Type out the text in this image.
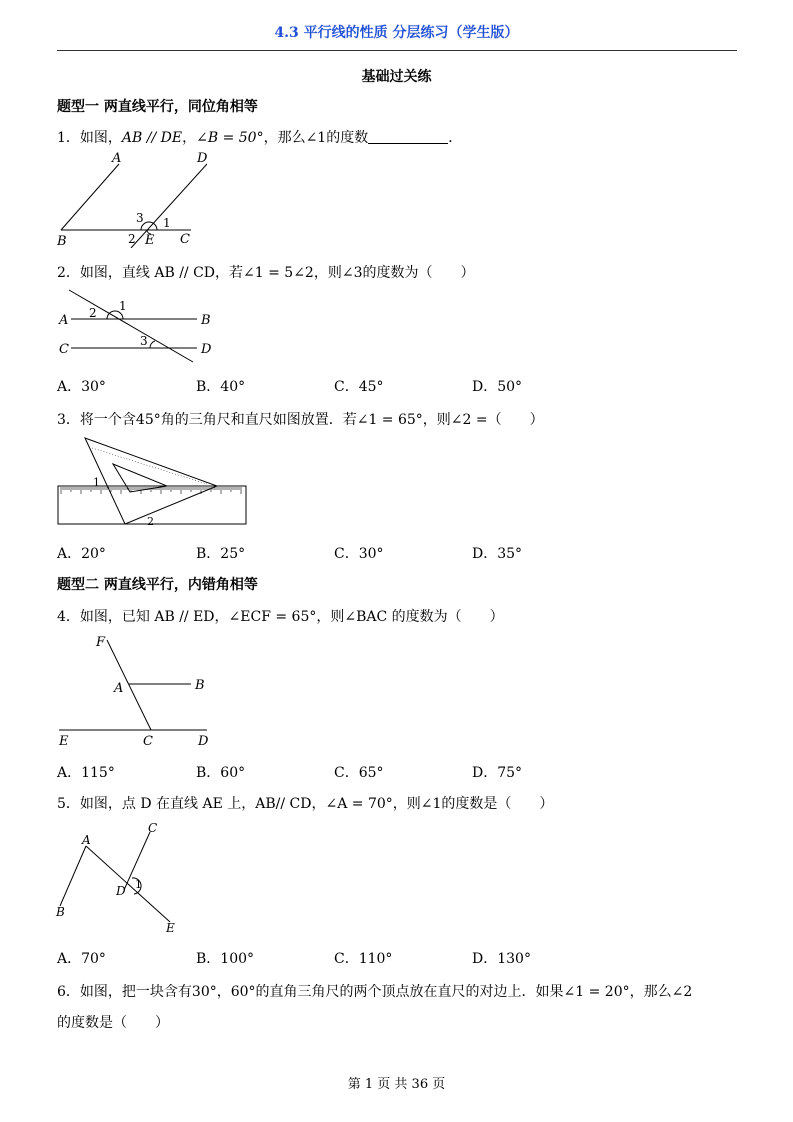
4.3 平行线的性质 分层练习（学生版）
基础过关练
题型一 两直线平行，同位角相等
1．如图，AB // DE，∠B = 50°，那么∠1的度数	．
A	D
B	E C
1
2
3
2．如图，直线 AB // CD，若∠1 = 5∠2，则∠3的度数为（　　）
A	B
C	D
1
2
3
A．30°	B．40°	C．45°	D．50°
3．将一个含45°角的三角尺和直尺如图放置．若∠1 = 65°，则∠2 =（　　）
1
2
A．20°	B．25°	C．30°	D．35°
题型二 两直线平行，内错角相等
4．如图，已知 AB // ED，∠ECF = 65°，则∠BAC 的度数为（　　）
F
A	B
E	C	D
A．115°	B．60°	C．65°	D．75°
5．如图，点 D 在直线 AE 上，AB// CD，∠A = 70°，则∠1的度数是（　　）
A
B
C
D
E
1
A．70°	B．100°	C．110°	D．130°
6．如图，把一块含有30°，60°的直角三角尺的两个顶点放在直尺的对边上．如果∠1 = 20°，那么∠2
的度数是（　　）
第 1 页 共 36 页
